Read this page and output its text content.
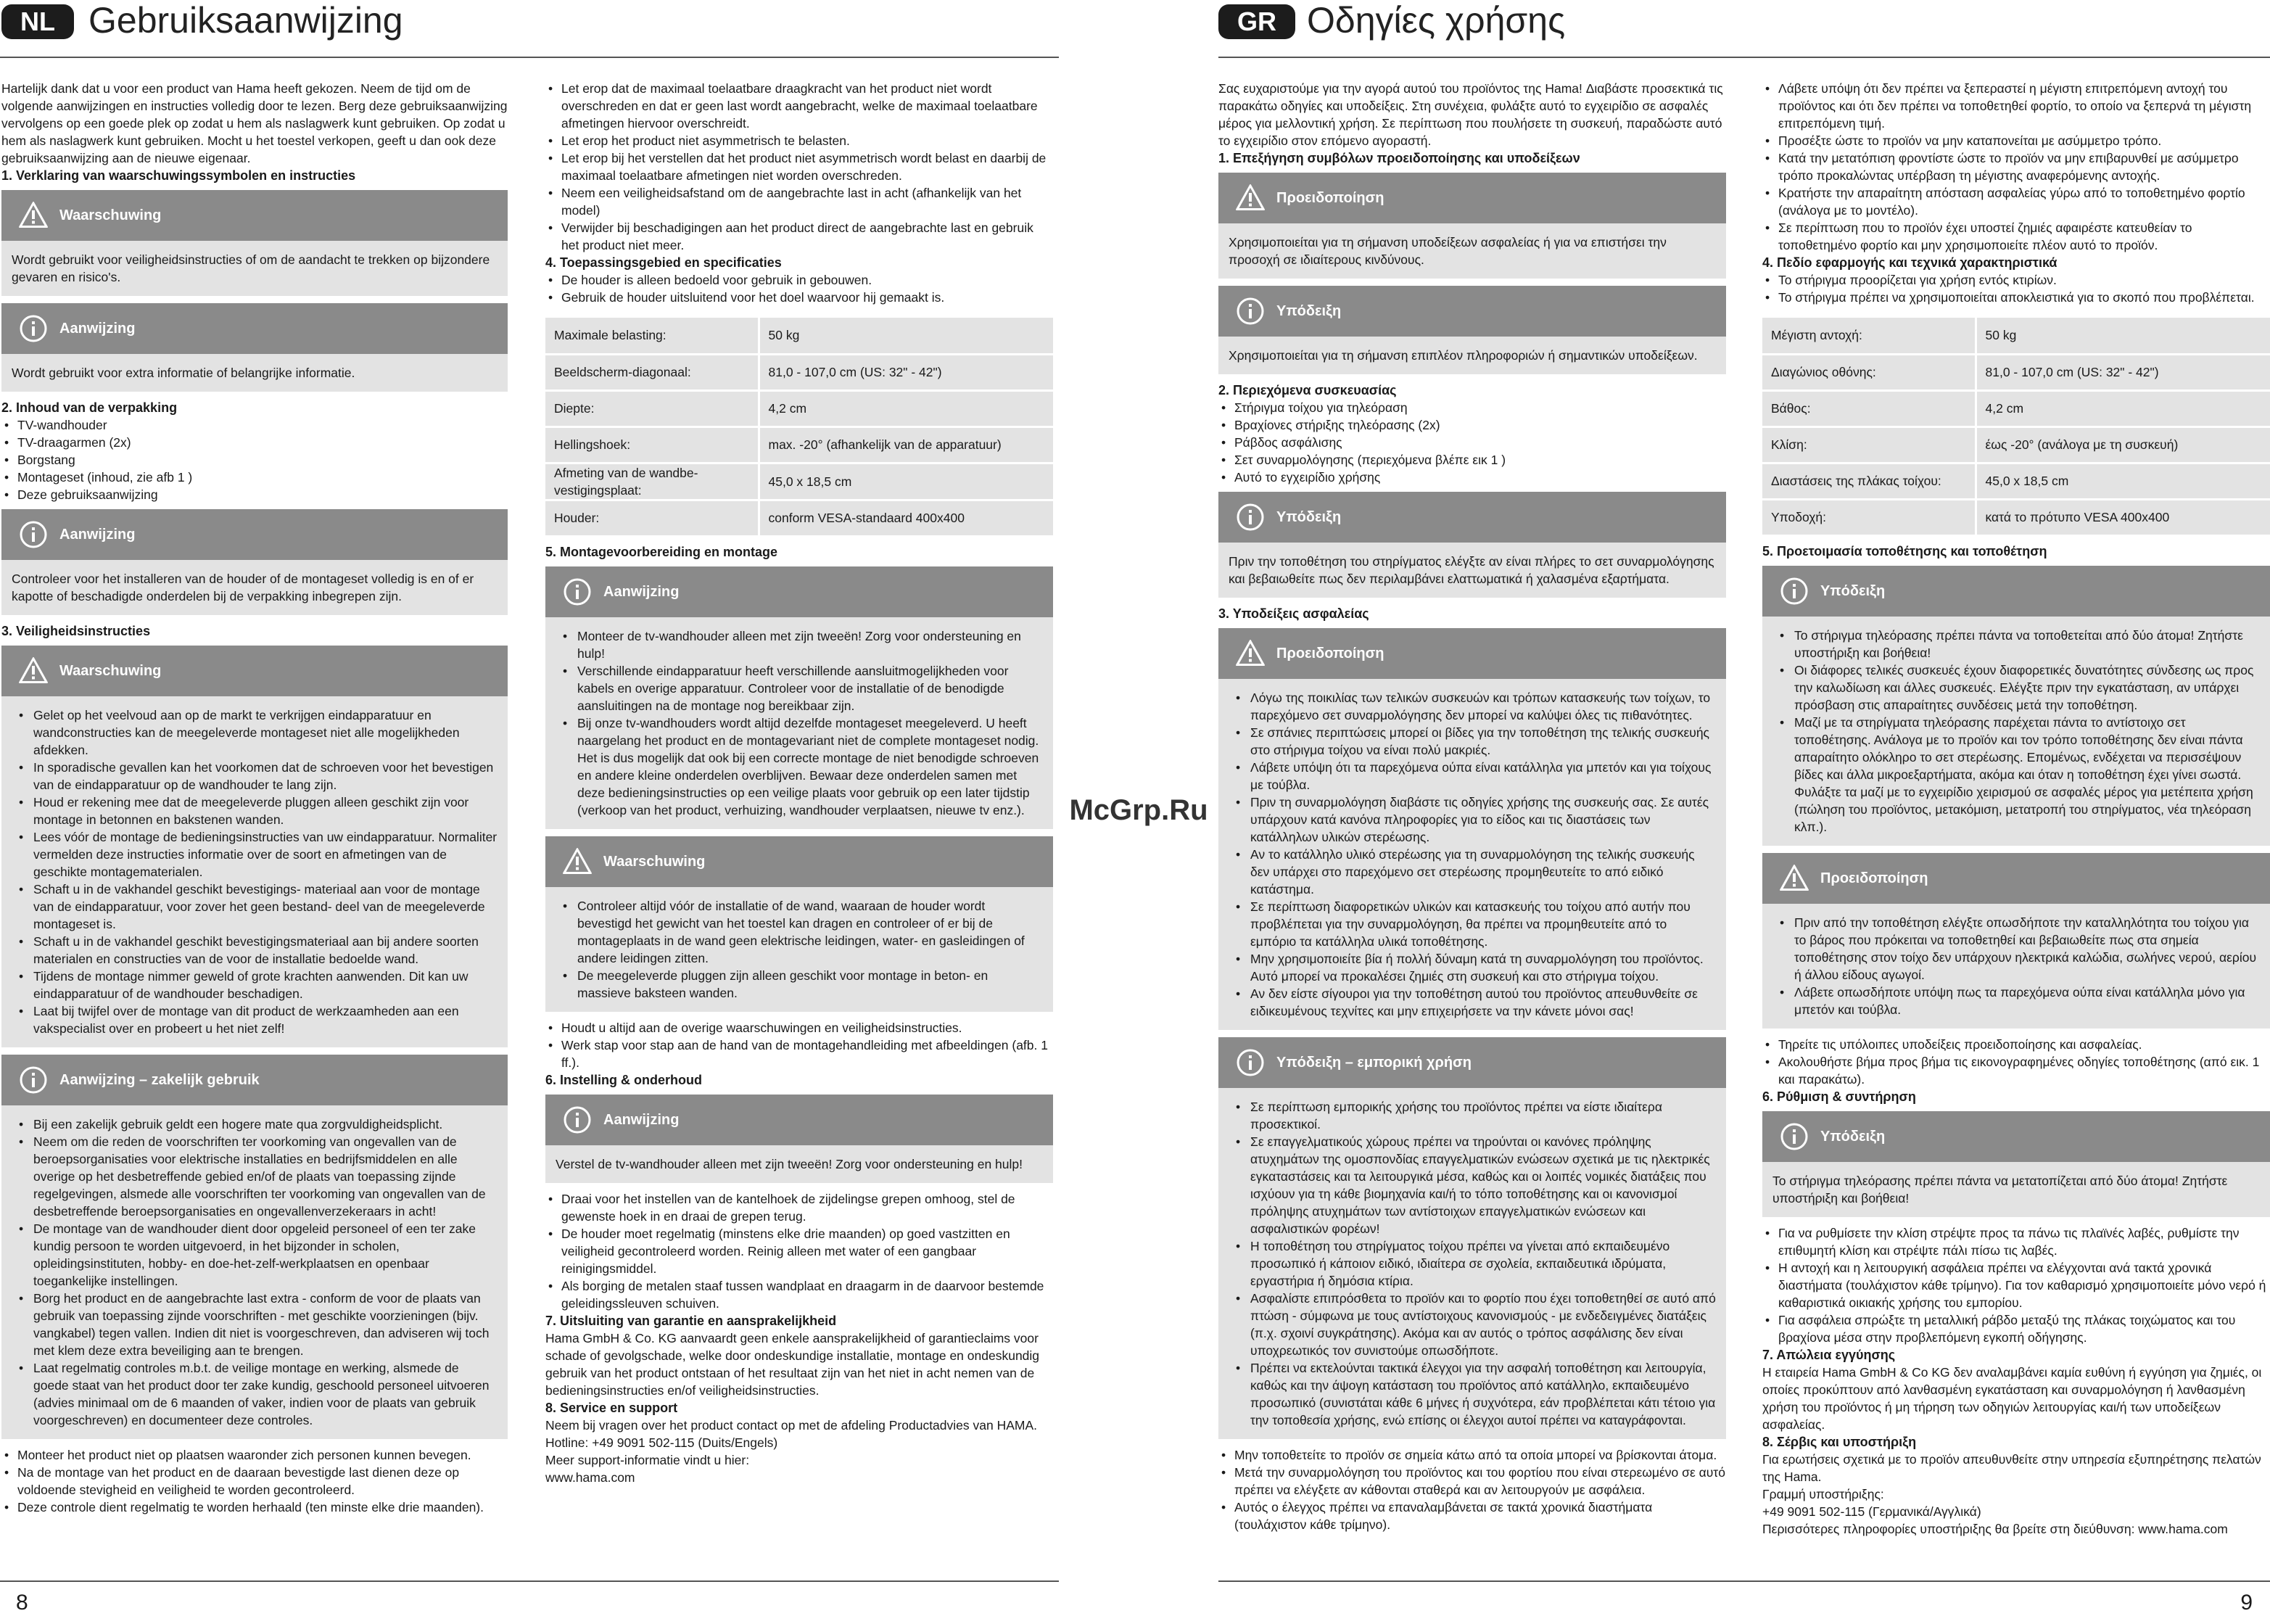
McGrp.Ru
NL Gebruiksaanwijzing

Hartelijk dank dat u voor een product van Hama heeft gekozen. Neem de tijd om de volgende aanwijzingen en instructies volledig door te lezen. Berg deze gebruiksaanwijzing vervolgens op een goede plek op zodat u hem als naslagwerk kunt gebruiken. Op zodat u hem als naslagwerk kunt gebruiken. Mocht u het toestel verkopen, geeft u dan ook deze gebruiksaanwijzing aan de nieuwe eigenaar.

1. Verklaring van waarschuwingssymbolen en instructies

Waarschuwing

Wordt gebruikt voor veiligheidsinstructies of om de aandacht te trekken op bijzondere gevaren en risico's.

Aanwijzing

Wordt gebruikt voor extra informatie of belangrijke informatie.

2. Inhoud van de verpakking

• TV-wandhouder
• TV-draagarmen (2x)
• Borgstang
• Montageset (inhoud, zie afb 1 )
• Deze gebruiksaanwijzing
Aanwijzing

Controleer voor het installeren van de houder of de montageset volledig is en of er kapotte of beschadigde onderdelen bij de verpakking inbegrepen zijn.

3. Veiligheidsinstructies

Waarschuwing
• Gelet op het veelvoud aan op de markt te verkrijgen eindapparatuur en wandconstructies kan de meegeleverde montageset niet alle mogelijkheden afdekken.
• In sporadische gevallen kan het voorkomen dat de schroeven voor het bevestigen van de eindapparatuur op de wandhouder te lang zijn.
• Houd er rekening mee dat de meegeleverde pluggen alleen geschikt zijn voor montage in betonnen en bakstenen wanden.
• Lees vóór de montage de bedieningsinstructies van uw eindapparatuur. Normaliter vermelden deze instructies informatie over de soort en afmetingen van de geschikte montagematerialen.
• Schaft u in de vakhandel geschikt bevestigings- materiaal aan voor de montage van de eindapparatuur, voor zover het geen bestand- deel van de meegeleverde montageset is.
• Schaft u in de vakhandel geschikt bevestigingsmateriaal aan bij andere soorten materialen en constructies van de voor de installatie bedoelde wand.
• Tijdens de montage nimmer geweld of grote krachten aanwenden. Dit kan uw eindapparatuur of de wandhouder beschadigen.
• Laat bij twijfel over de montage van dit product de werkzaamheden aan een vakspecialist over en probeert u het niet zelf!
Aanwijzing – zakelijk gebruik
• Bij een zakelijk gebruik geldt een hogere mate qua zorgvuldigheidsplicht.
• Neem om die reden de voorschriften ter voorkoming van ongevallen van de beroepsorganisaties voor elektrische installaties en bedrijfsmiddelen en alle overige op het desbetreffende gebied en/of de plaats van toepassing zijnde regelgevingen, alsmede alle voorschriften ter voorkoming van ongevallen van de desbetreffende beroepsorganisaties en ongevallenverzekeraars in acht!
• De montage van de wandhouder dient door opgeleid personeel of een ter zake kundig persoon te worden uitgevoerd, in het bijzonder in scholen, opleidingsinstituten, hobby- en doe-het-zelf-werkplaatsen en openbaar toegankelijke instellingen.
• Borg het product en de aangebrachte last extra - conform de voor de plaats van gebruik van toepassing zijnde voorschriften - met geschikte voorzieningen (bijv. vangkabel) tegen vallen. Indien dit niet is voorgeschreven, dan adviseren wij toch met klem deze extra beveiliging aan te brengen.
• Laat regelmatig controles m.b.t. de veilige montage en werking, alsmede de goede staat van het product door ter zake kundig, geschoold personeel uitvoeren (advies minimaal om de 6 maanden of vaker, indien voor de plaats van gebruik voorgeschreven) en documenteer deze controles.
• Monteer het product niet op plaatsen waaronder zich personen kunnen bevegen.
• Na de montage van het product en de daaraan bevestigde last dienen deze op voldoende stevigheid en veiligheid te worden gecontroleerd.
• Deze controle dient regelmatig te worden herhaald (ten minste elke drie maanden).
• Let erop dat de maximaal toelaatbare draagkracht van het product niet wordt overschreden en dat er geen last wordt aangebracht, welke de maximaal toelaatbare afmetingen hiervoor overschreidt.
• Let erop het product niet asymmetrisch te belasten.
• Let erop bij het verstellen dat het product niet asymmetrisch wordt belast en daarbij de maximaal toelaatbare afmetingen niet worden overschreden.
• Neem een veiligheidsafstand om de aangebrachte last in acht (afhankelijk van het model)
• Verwijder bij beschadigingen aan het product direct de aangebrachte last en gebruik het product niet meer.

4. Toepassingsgebied en specificaties

• De houder is alleen bedoeld voor gebruik in gebouwen.
• Gebruik de houder uitsluitend voor het doel waarvoor hij gemaakt is.
Maximale belasting:	50 kg
Beeldscherm-diagonaal:	81,0 - 107,0 cm (US: 32" - 42")
Diepte:	4,2 cm
Hellingshoek:	max. -20° (afhankelijk van de apparatuur)
Afmeting van de wandbe- vestigingsplaat:	45,0 x 18,5 cm
Houder:	conform VESA-standaard 400x400

5. Montagevoorbereiding en montage

Aanwijzing
• Monteer de tv-wandhouder alleen met zijn tweeën! Zorg voor ondersteuning en hulp!
• Verschillende eindapparatuur heeft verschillende aansluitmogelijkheden voor kabels en overige apparatuur. Controleer voor de installatie of de benodigde aansluitingen na de montage nog bereikbaar zijn.
• Bij onze tv-wandhouders wordt altijd dezelfde montageset meegeleverd. U heeft naargelang het product en de montagevariant niet de complete montageset nodig. Het is dus mogelijk dat ook bij een correcte montage de niet benodigde schroeven en andere kleine onderdelen overblijven. Bewaar deze onderdelen samen met deze bedieningsinstructies op een veilige plaats voor gebruik op een later tijdstip (verkoop van het product, verhuizing, wandhouder verplaatsen, nieuwe tv enz.).
Waarschuwing
• Controleer altijd vóór de installatie of de wand, waaraan de houder wordt bevestigd het gewicht van het toestel kan dragen en controleer of er bij de montageplaats in de wand geen elektrische leidingen, water- en gasleidingen of andere leidingen zitten.
• De meegeleverde pluggen zijn alleen geschikt voor montage in beton- en massieve baksteen wanden.
• Houdt u altijd aan de overige waarschuwingen en veiligheidsinstructies.
• Werk stap voor stap aan de hand van de montagehandleiding met afbeeldingen (afb. 1 ff.).

6. Instelling & onderhoud

Aanwijzing

Verstel de tv-wandhouder alleen met zijn tweeën! Zorg voor ondersteuning en hulp!

• Draai voor het instellen van de kantelhoek de zijdelingse grepen omhoog, stel de gewenste hoek in en draai de grepen terug.
• De houder moet regelmatig (minstens elke drie maanden) op goed vastzitten en veiligheid gecontroleerd worden. Reinig alleen met water of een gangbaar reinigingsmiddel.
• Als borging de metalen staaf tussen wandplaat en draagarm in de daarvoor bestemde geleidingssleuven schuiven.

7. Uitsluiting van garantie en aansprakelijkheid

Hama GmbH & Co. KG aanvaardt geen enkele aansprakelijkheid of garantieclaims voor schade of gevolgschade, welke door ondeskundige installatie, montage en ondeskundig gebruik van het product ontstaan of het resultaat zijn van het niet in acht nemen van de bedieningsinstructies en/of veiligheidsinstructies.

8. Service en support

Neem bij vragen over het product contact op met de afdeling Productadvies van HAMA.

Hotline: +49 9091 502-115 (Duits/Engels)

Meer support-informatie vindt u hier:

www.hama.com

8
GR Οδηγίες χρήσης

Σας ευχαριστούμε για την αγορά αυτού του προϊόντος της Hama! Διαβάστε προσεκτικά τις παρακάτω οδηγίες και υποδείξεις. Στη συνέχεια, φυλάξτε αυτό το εγχειρίδιο σε ασφαλές μέρος για μελλοντική χρήση. Σε περίπτωση που πουλήσετε τη συσκευή, παραδώστε αυτό το εγχειρίδιο στον επόμενο αγοραστή.

1. Επεξήγηση συμβόλων προειδοποίησης και υποδείξεων

Προειδοποίηση

Χρησιμοποιείται για τη σήμανση υποδείξεων ασφαλείας ή για να επιστήσει την προσοχή σε ιδιαίτερους κινδύνους.

Υπόδειξη

Χρησιμοποιείται για τη σήμανση επιπλέον πληροφοριών ή σημαντικών υποδείξεων.

2. Περιεχόμενα συσκευασίας

• Στήριγμα τοίχου για τηλεόραση
• Βραχίονες στήριξης τηλεόρασης (2x)
• Ράβδος ασφάλισης
• Σετ συναρμολόγησης (περιεχόμενα βλέπε εικ 1 )
• Αυτό το εγχειρίδιο χρήσης
Υπόδειξη

Πριν την τοποθέτηση του στηρίγματος ελέγξτε αν είναι πλήρες το σετ συναρμολόγησης και βεβαιωθείτε πως δεν περιλαμβάνει ελαττωματικά ή χαλασμένα εξαρτήματα.

3. Υποδείξεις ασφαλείας

Προειδοποίηση
• Λόγω της ποικιλίας των τελικών συσκευών και τρόπων κατασκευής των τοίχων, το παρεχόμενο σετ συναρμολόγησης δεν μπορεί να καλύψει όλες τις πιθανότητες.
• Σε σπάνιες περιπτώσεις μπορεί οι βίδες για την τοποθέτηση της τελικής συσκευής στο στήριγμα τοίχου να είναι πολύ μακριές.
• Λάβετε υπόψη ότι τα παρεχόμενα ούπα είναι κατάλληλα για μπετόν και για τοίχους με τούβλα.
• Πριν τη συναρμολόγηση διαβάστε τις οδηγίες χρήσης της συσκευής σας. Σε αυτές υπάρχουν κατά κανόνα πληροφορίες για το είδος και τις διαστάσεις των κατάλληλων υλικών στερέωσης.
• Αν το κατάλληλο υλικό στερέωσης για τη συναρμολόγηση της τελικής συσκευής δεν υπάρχει στο παρεχόμενο σετ στερέωσης προμηθευτείτε το από ειδικό κατάστημα.
• Σε περίπτωση διαφορετικών υλικών και κατασκευής του τοίχου από αυτήν που προβλέπεται για την συναρμολόγηση, θα πρέπει να προμηθευτείτε από το εμπόριο τα κατάλληλα υλικά τοποθέτησης.
• Μην χρησιμοποιείτε βία ή πολλή δύναμη κατά τη συναρμολόγηση του προϊόντος. Αυτό μπορεί να προκαλέσει ζημιές στη συσκευή και στο στήριγμα τοίχου.
• Αν δεν είστε σίγουροι για την τοποθέτηση αυτού του προϊόντος απευθυνθείτε σε ειδικευμένους τεχνίτες και μην επιχειρήσετε να την κάνετε μόνοι σας!
Υπόδειξη – εμπορική χρήση
• Σε περίπτωση εμπορικής χρήσης του προϊόντος πρέπει να είστε ιδιαίτερα προσεκτικοί.
• Σε επαγγελματικούς χώρους πρέπει να τηρούνται οι κανόνες πρόληψης ατυχημάτων της ομοσπονδίας επαγγελματικών ενώσεων σχετικά με τις ηλεκτρικές εγκαταστάσεις και τα λειτουργικά μέσα, καθώς και οι λοιπές νομικές διατάξεις που ισχύουν για τη κάθε βιομηχανία και/ή το τόπο τοποθέτησης και οι κανονισμοί πρόληψης ατυχημάτων των αντίστοιχων επαγγελματικών ενώσεων και ασφαλιστικών φορέων!
• Η τοποθέτηση του στηρίγματος τοίχου πρέπει να γίνεται από εκπαιδευμένο προσωπικό ή κάποιον ειδικό, ιδιαίτερα σε σχολεία, εκπαιδευτικά ιδρύματα, εργαστήρια ή δημόσια κτίρια.
• Ασφαλίστε επιπρόσθετα το προϊόν και το φορτίο που έχει τοποθετηθεί σε αυτό από πτώση - σύμφωνα με τους αντίστοιχους κανονισμούς - με ενδεδειγμένες διατάξεις (π.χ. σχοινί συγκράτησης). Ακόμα και αν αυτός ο τρόπος ασφάλισης δεν είναι υποχρεωτικός τον συνιστούμε οπωσδήποτε.
• Πρέπει να εκτελούνται τακτικά έλεγχοι για την ασφαλή τοποθέτηση και λειτουργία, καθώς και την άψογη κατάσταση του προϊόντος από κατάλληλο, εκπαιδευμένο προσωπικό (συνιστάται κάθε 6 μήνες ή συχνότερα, εάν προβλέπεται κάτι τέτοιο για την τοποθεσία χρήσης, ενώ επίσης οι έλεγχοι αυτοί πρέπει να καταγράφονται.
• Μην τοποθετείτε το προϊόν σε σημεία κάτω από τα οποία μπορεί να βρίσκονται άτομα.
• Μετά την συναρμολόγηση του προϊόντος και του φορτίου που είναι στερεωμένο σε αυτό πρέπει να ελέγξετε αν κάθονται σταθερά και αν λειτουργούν με ασφάλεια.
• Αυτός ο έλεγχος πρέπει να επαναλαμβάνεται σε τακτά χρονικά διαστήματα (τουλάχιστον κάθε τρίμηνο).
• Λάβετε υπόψη ότι δεν πρέπει να ξεπεραστεί η μέγιστη επιτρεπόμενη αντοχή του προϊόντος και ότι δεν πρέπει να τοποθετηθεί φορτίο, το οποίο να ξεπερνά τη μέγιστη επιτρεπόμενη τιμή.
• Προσέξτε ώστε το προϊόν να μην καταπονείται με ασύμμετρο τρόπο.
• Κατά την μετατόπιση φροντίστε ώστε το προϊόν να μην επιβαρυνθεί με ασύμμετρο τρόπο προκαλώντας υπέρβαση τη μέγιστης αναφερόμενης αντοχής.
• Κρατήστε την απαραίτητη απόσταση ασφαλείας γύρω από το τοποθετημένο φορτίο (ανάλογα με το μοντέλο).
• Σε περίπτωση που το προϊόν έχει υποστεί ζημιές αφαιρέστε κατευθείαν το τοποθετημένο φορτίο και μην χρησιμοποιείτε πλέον αυτό το προϊόν.

4. Πεδίο εφαρμογής και τεχνικά χαρακτηριστικά

• Το στήριγμα προορίζεται για χρήση εντός κτιρίων.
• Το στήριγμα πρέπει να χρησιμοποιείται αποκλειστικά για το σκοπό που προβλέπεται.
Μέγιστη αντοχή:	50 kg
Διαγώνιος οθόνης:	81,0 - 107,0 cm (US: 32" - 42")
Βάθος:	4,2 cm
Κλίση:	έως -20° (ανάλογα με τη συσκευή)
Διαστάσεις της πλάκας τοίχου:	45,0 x 18,5 cm
Υποδοχή:	κατά το πρότυπο VESA 400x400

5. Προετοιμασία τοποθέτησης και τοποθέτηση

Υπόδειξη
• Το στήριγμα τηλεόρασης πρέπει πάντα να τοποθετείται από δύο άτομα! Ζητήστε υποστήριξη και βοήθεια!
• Οι διάφορες τελικές συσκευές έχουν διαφορετικές δυνατότητες σύνδεσης ως προς την καλωδίωση και άλλες συσκευές. Ελέγξτε πριν την εγκατάσταση, αν υπάρχει πρόσβαση στις απαραίτητες συνδέσεις μετά την τοποθέτηση.
• Μαζί με τα στηρίγματα τηλεόρασης παρέχεται πάντα το αντίστοιχο σετ τοποθέτησης. Ανάλογα με το προϊόν και τον τρόπο τοποθέτησης δεν είναι πάντα απαραίτητο ολόκληρο το σετ στερέωσης. Επομένως, ενδέχεται να περισσέψουν βίδες και άλλα μικροεξαρτήματα, ακόμα και όταν η τοποθέτηση έχει γίνει σωστά. Φυλάξτε τα μαζί με το εγχειρίδιο χειρισμού σε ασφαλές μέρος για μετέπειτα χρήση (πώληση του προϊόντος, μετακόμιση, μετατροπή του στηρίγματος, νέα τηλεόραση κλπ.).
Προειδοποίηση
• Πριν από την τοποθέτηση ελέγξτε οπωσδήποτε την καταλληλότητα του τοίχου για το βάρος που πρόκειται να τοποθετηθεί και βεβαιωθείτε πως στα σημεία τοποθέτησης στον τοίχο δεν υπάρχουν ηλεκτρικά καλώδια, σωλήνες νερού, αερίου ή άλλου είδους αγωγοί.
• Λάβετε οπωσδήποτε υπόψη πως τα παρεχόμενα ούπα είναι κατάλληλα μόνο για μπετόν και τούβλα.
• Τηρείτε τις υπόλοιπες υποδείξεις προειδοποίησης και ασφαλείας.
• Ακολουθήστε βήμα προς βήμα τις εικονογραφημένες οδηγίες τοποθέτησης (από εικ. 1 και παρακάτω).

6. Ρύθμιση & συντήρηση

Υπόδειξη

Το στήριγμα τηλεόρασης πρέπει πάντα να μετατοπίζεται από δύο άτομα! Ζητήστε υποστήριξη και βοήθεια!

• Για να ρυθμίσετε την κλίση στρέψτε προς τα πάνω τις πλαϊνές λαβές, ρυθμίστε την επιθυμητή κλίση και στρέψτε πάλι πίσω τις λαβές.
• Η αντοχή και η λειτουργική ασφάλεια πρέπει να ελέγχονται ανά τακτά χρονικά διαστήματα (τουλάχιστον κάθε τρίμηνο). Για τον καθαρισμό χρησιμοποιείτε μόνο νερό ή καθαριστικά οικιακής χρήσης του εμπορίου.
• Για ασφάλεια σπρώξτε τη μεταλλική ράβδο μεταξύ της πλάκας τοιχώματος και του βραχίονα μέσα στην προβλεπόμενη εγκοπή οδήγησης.

7. Απώλεια εγγύησης

Η εταιρεία Hama GmbH & Co KG δεν αναλαμβάνει καμία ευθύνη ή εγγύηση για ζημιές, οι οποίες προκύπτουν από λανθασμένη εγκατάσταση και συναρμολόγηση ή λανθασμένη χρήση του προϊόντος ή μη τήρηση των οδηγιών λειτουργίας και/ή των υποδείξεων ασφαλείας.

8. Σέρβις και υποστήριξη

Για ερωτήσεις σχετικά με το προϊόν απευθυνθείτε στην υπηρεσία εξυπηρέτησης πελατών της Hama.

Γραμμή υποστήριξης:

+49 9091 502-115 (Γερμανικά/Αγγλικά)

Περισσότερες πληροφορίες υποστήριξης θα βρείτε στη διεύθυνση: www.hama.com

9
